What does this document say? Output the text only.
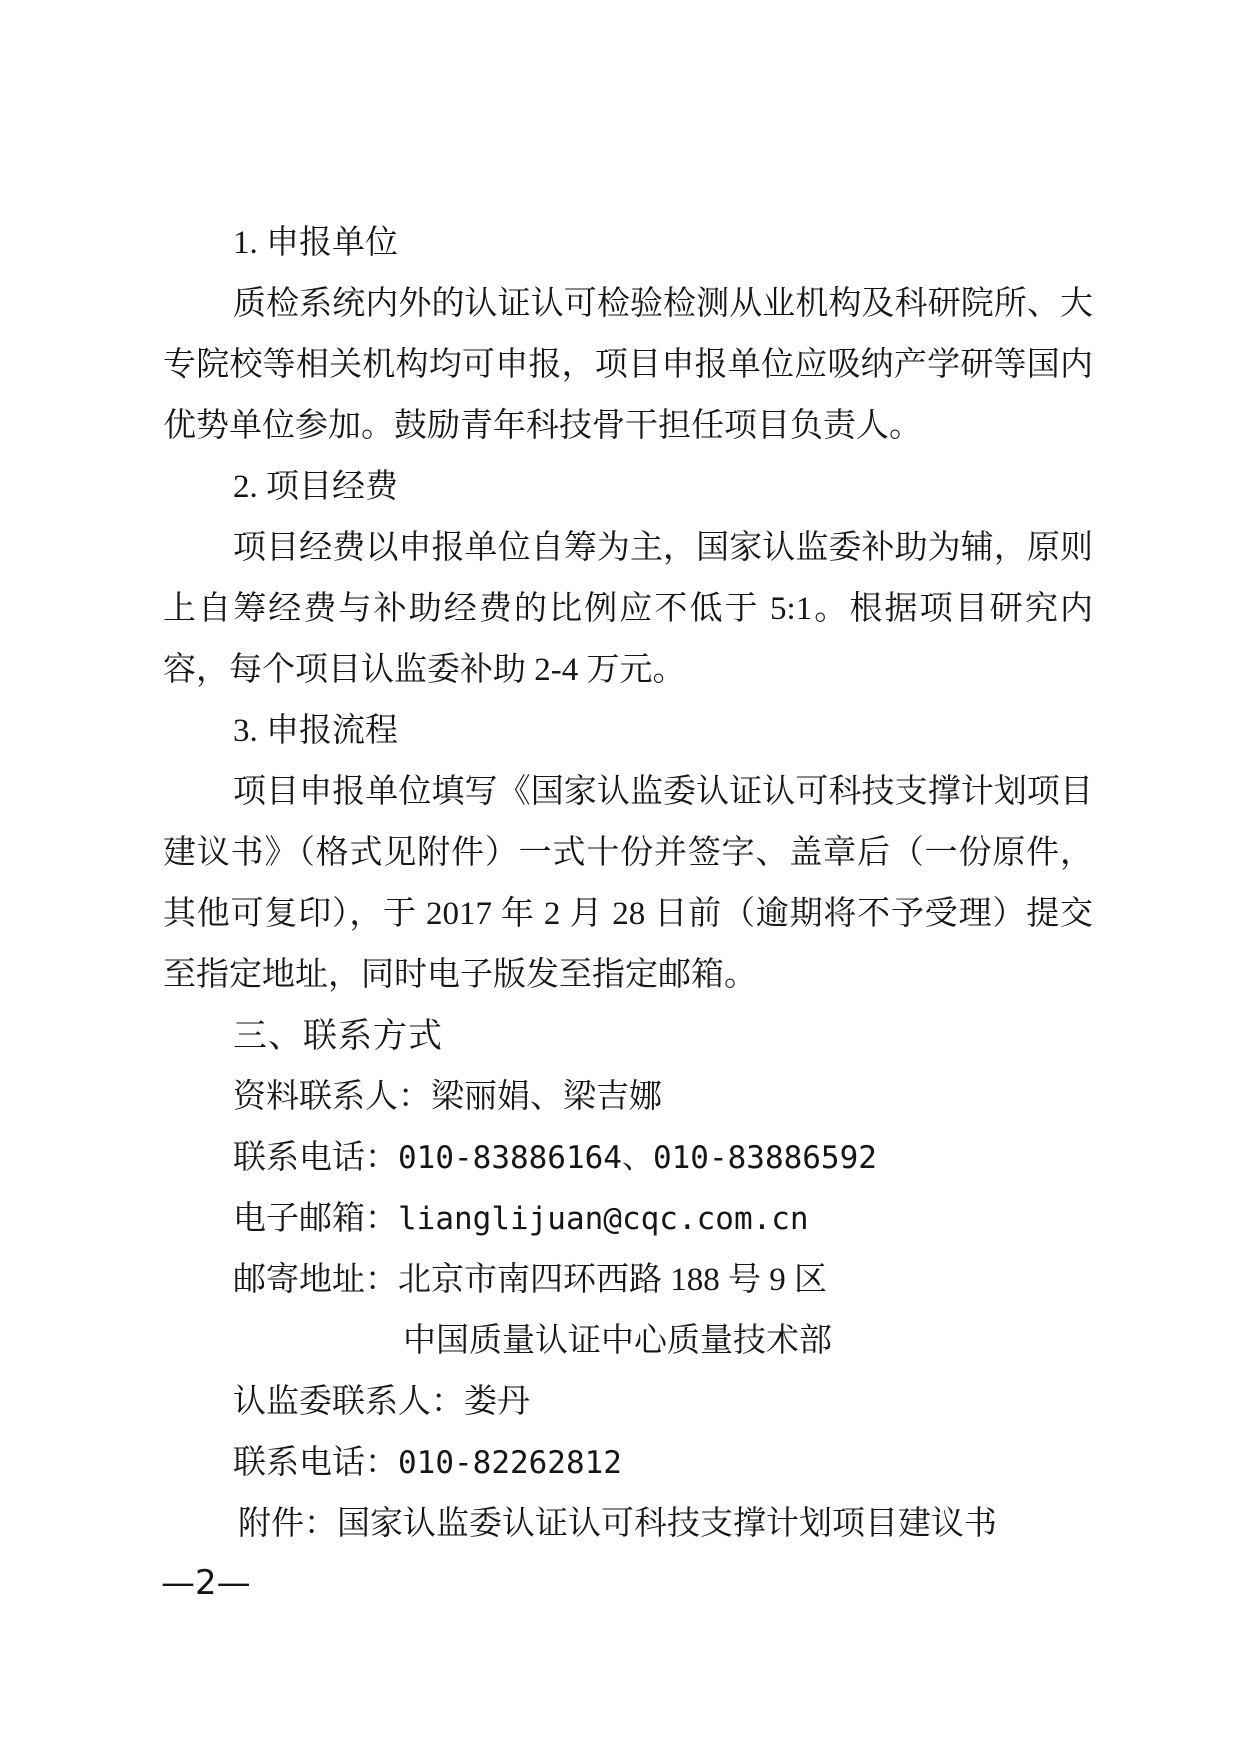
1. 申报单位

质检系统内外的认证认可检验检测从业机构及科研院所、大专院校等相关机构均可申报，项目申报单位应吸纳产学研等国内优势单位参加。鼓励青年科技骨干担任项目负责人。

2. 项目经费

项目经费以申报单位自筹为主，国家认监委补助为辅，原则上自筹经费与补助经费的比例应不低于 5:1。根据项目研究内容，每个项目认监委补助 2-4 万元。

3. 申报流程

项目申报单位填写《国家认监委认证认可科技支撑计划项目建议书》（格式见附件）一式十份并签字、盖章后（一份原件，其他可复印），于 2017 年 2 月 28 日前（逾期将不予受理）提交至指定地址，同时电子版发至指定邮箱。

三、联系方式

资料联系人：梁丽娟、梁吉娜

联系电话：010-83886164、010-83886592

电子邮箱：lianglijuan@cqc.com.cn

邮寄地址：北京市南四环西路 188 号 9 区

中国质量认证中心质量技术部

认监委联系人：娄丹

联系电话：010-82262812

附件：国家认监委认证认可科技支撑计划项目建议书

—2—
